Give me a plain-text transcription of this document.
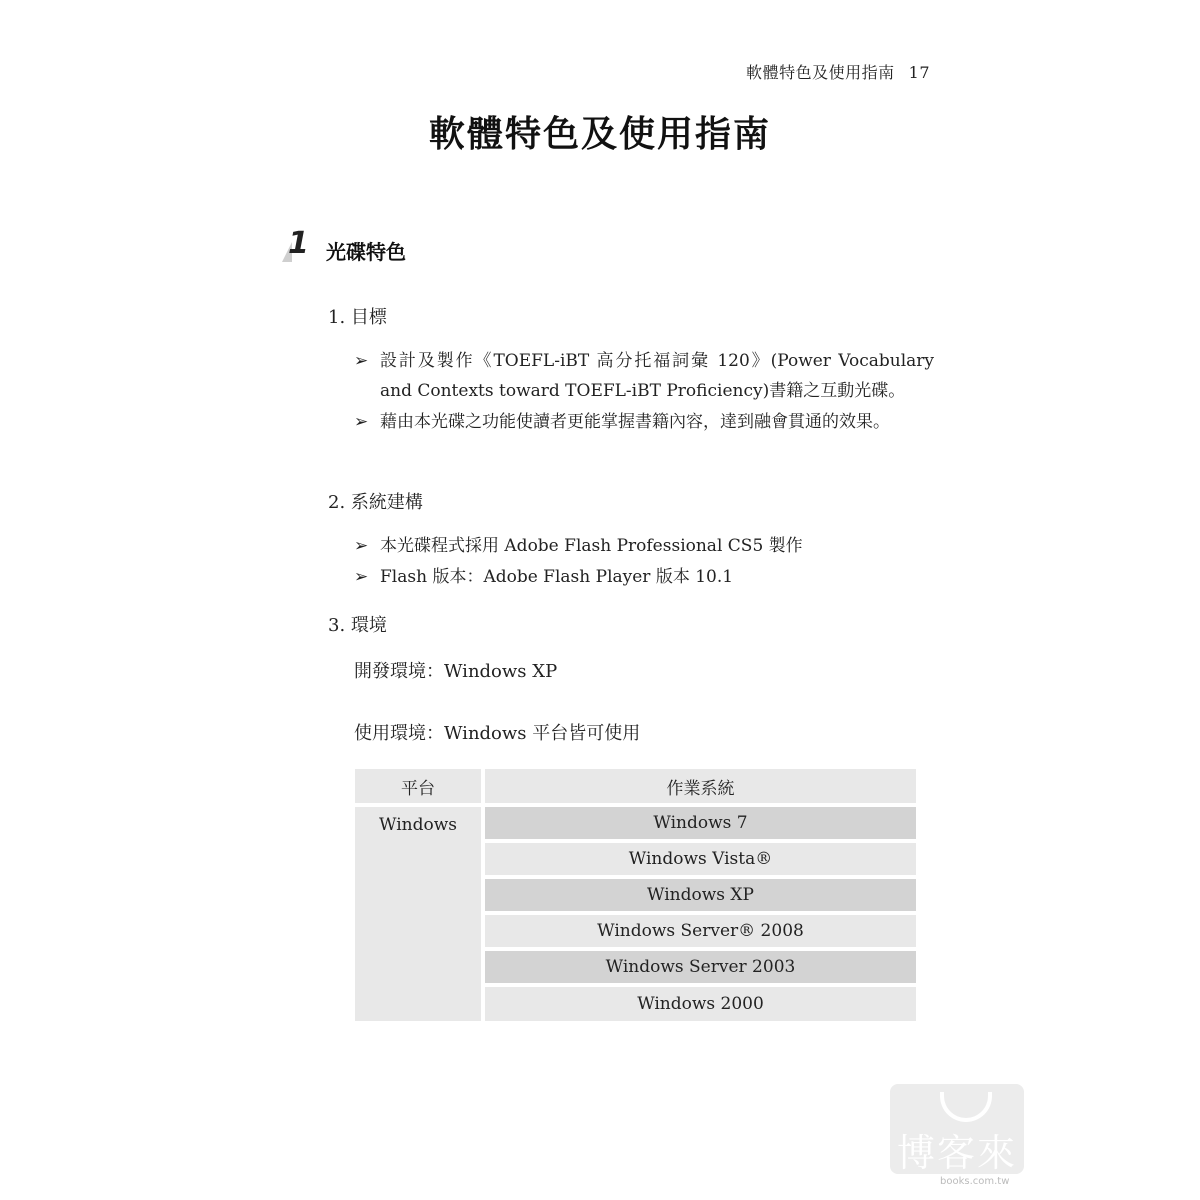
軟體特色及使用指南 17
軟體特色及使用指南
1 光碟特色
1. 目標
➢ 設計及製作《TOEFL-iBT 高分托福詞彙 120》(Power Vocabulary and Contexts toward TOEFL-iBT Proficiency)書籍之互動光碟。
➢ 藉由本光碟之功能使讀者更能掌握書籍內容，達到融會貫通的效果。
2. 系統建構
➢ 本光碟程式採用 Adobe Flash Professional CS5 製作
➢ Flash 版本：Adobe Flash Player 版本 10.1
3. 環境
開發環境：Windows XP
使用環境：Windows 平台皆可使用
平台	作業系統
Windows	Windows 7
Windows Vista®
Windows XP
Windows Server® 2008
Windows Server 2003
Windows 2000
博客來
books.com.tw
